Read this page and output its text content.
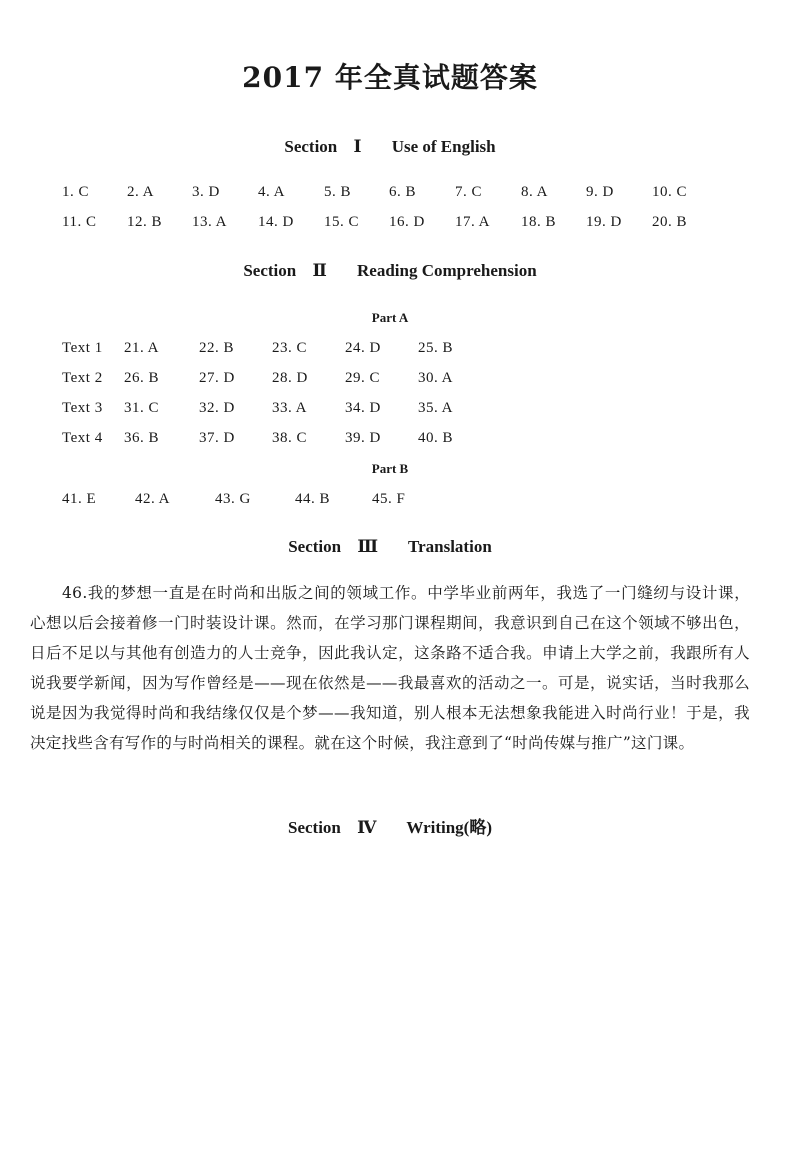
2017 年全真试题答案
Section Ⅰ Use of English
1. C	2. A	3. D	4. A	5. B	6. B	7. C	8. A	9. D	10. C
11. C 12. B 13. A 14. D 15. C 16. D 17. A 18. B 19. D 20. B
Section Ⅱ Reading Comprehension
Part A
Text 1 21. A	22. B	23. C	24. D 25. B
Text 2 26. B	27. D 28. D 29. C	30. A
Text 3 31. C	32. D 33. A	34. D 35. A
Text 4 36. B	37. D 38. C	39. D 40. B
Part B
41. E	42. A	43. G	44. B	45. F
Section Ⅲ Translation
46.我的梦想一直是在时尚和出版之间的领域工作。中学毕业前两年，我选了一门缝纫与设计课，心想以后会接着修一门时装设计课。然而，在学习那门课程期间，我意识到自己在这个领域不够出色，日后不足以与其他有创造力的人士竞争，因此我认定，这条路不适合我。申请上大学之前，我跟所有人说我要学新闻，因为写作曾经是——现在依然是——我最喜欢的活动之一。可是，说实话，当时我那么说是因为我觉得时尚和我结缘仅仅是个梦——我知道，别人根本无法想象我能进入时尚行业！于是，我决定找些含有写作的与时尚相关的课程。就在这个时候，我注意到了“时尚传媒与推广”这门课。
Section Ⅳ Writing(略)
